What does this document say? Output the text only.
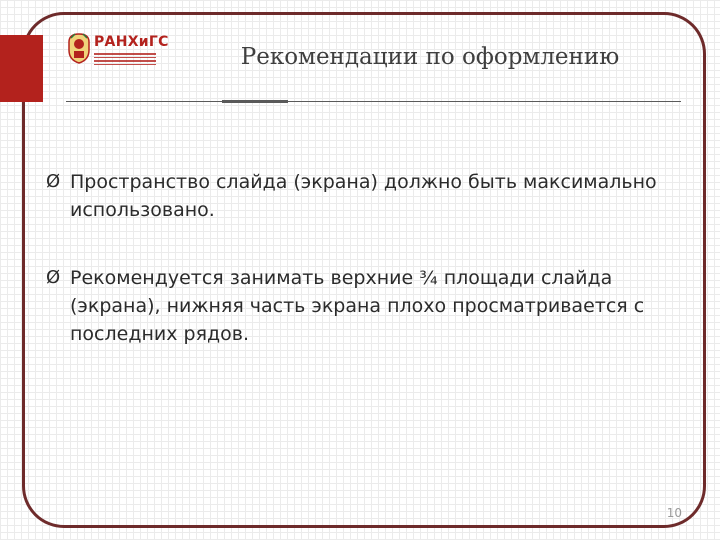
РАНХиГС
Рекомендации по оформлению
Ø Пространство слайда (экрана) должно быть максимально использовано.
Ø Рекомендуется занимать верхние ¾ площади слайда (экрана), нижняя часть экрана плохо просматривается с последних рядов.
10
